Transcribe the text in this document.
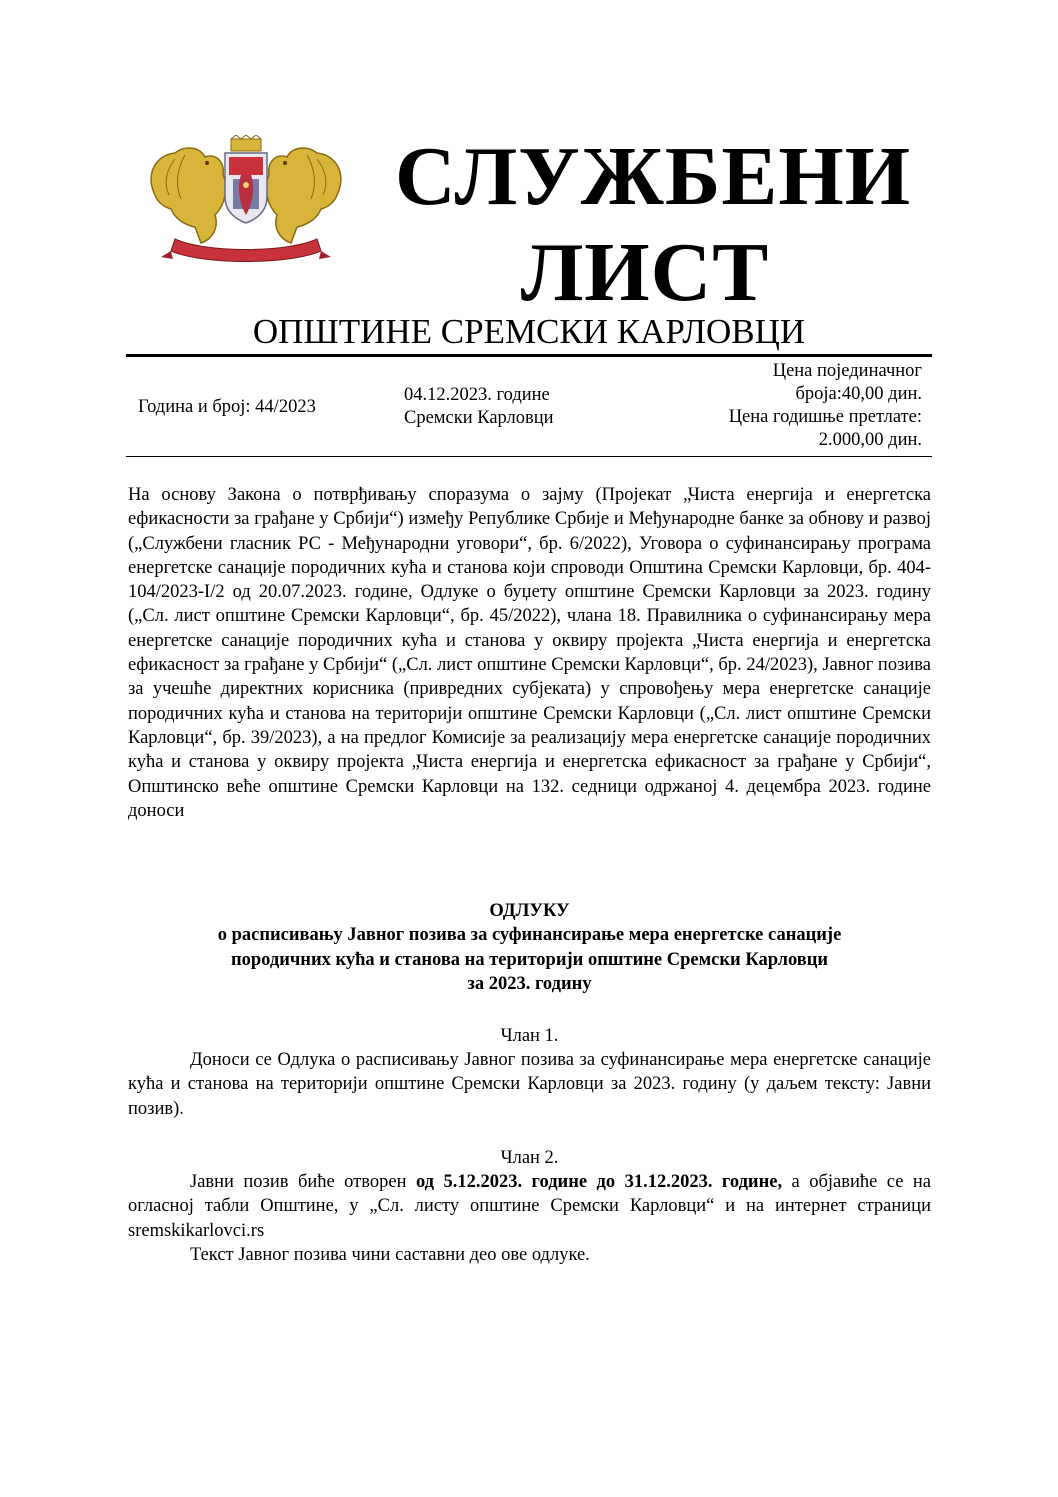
СЛУЖБЕНИ
ЛИСТ
ОПШТИНЕ СРЕМСКИ КАРЛОВЦИ
Година и број: 44/2023
04.12.2023. године
Сремски Карловци
Цена појединачног
броја:40,00 дин.
Цена годишње претлате:
2.000,00 дин.
На основу Закона о потврђивању споразума о зајму (Пројекат „Чиста енергија и енергетска ефикасности за грађане у Србији“) између Републике Србије и Међународне банке за обнову и развој („Службени гласник РС - Међународни уговори“, бр. 6/2022), Уговора о суфинансирању програма енергетске санације породичних кућа и станова који спроводи Општина Сремски Карловци, бр. 404-104/2023-I/2 од 20.07.2023. године, Одлуке о буџету општине Сремски Карловци за 2023. годину („Сл. лист општине Сремски Карловци“, бр. 45/2022), члана 18. Правилника о суфинансирању мера енергетске санације породичних кућа и станова у оквиру пројекта „Чиста енергија и енергетска ефикасност за грађане у Србији“ („Сл. лист општине Сремски Карловци“, бр. 24/2023), Јавног позива за учешће директних корисника (привредних субјеката) у спровођењу мера енергетске санације породичних кућа и станова на територији општине Сремски Карловци („Сл. лист општине Сремски Карловци“, бр. 39/2023), а на предлог Комисије за реализацију мера енергетске санације породичних кућа и станова у оквиру пројекта „Чиста енергија и енергетска ефикасност за грађане у Србији“, Општинско веће општине Сремски Карловци на 132. седници одржаној 4. децембра 2023. године доноси
ОДЛУКУ
о расписивању Јавног позива за суфинансирање мера енергетске санације
породичних кућа и станова на територији општине Сремски Карловци
за 2023. годину
Члан 1.
Доноси се Одлука о расписивању Јавног позива за суфинансирање мера енергетске санације кућа и станова на територији општине Сремски Карловци за 2023. годину (у даљем тексту: Јавни позив).
Члан 2.
Јавни позив биће отворен од 5.12.2023. године до 31.12.2023. године, а објавиће се на огласној табли Општине, у „Сл. листу општине Сремски Карловци“ и на интернет страници sremskikarlovci.rs
Текст Јавног позива чини саставни део ове одлуке.
